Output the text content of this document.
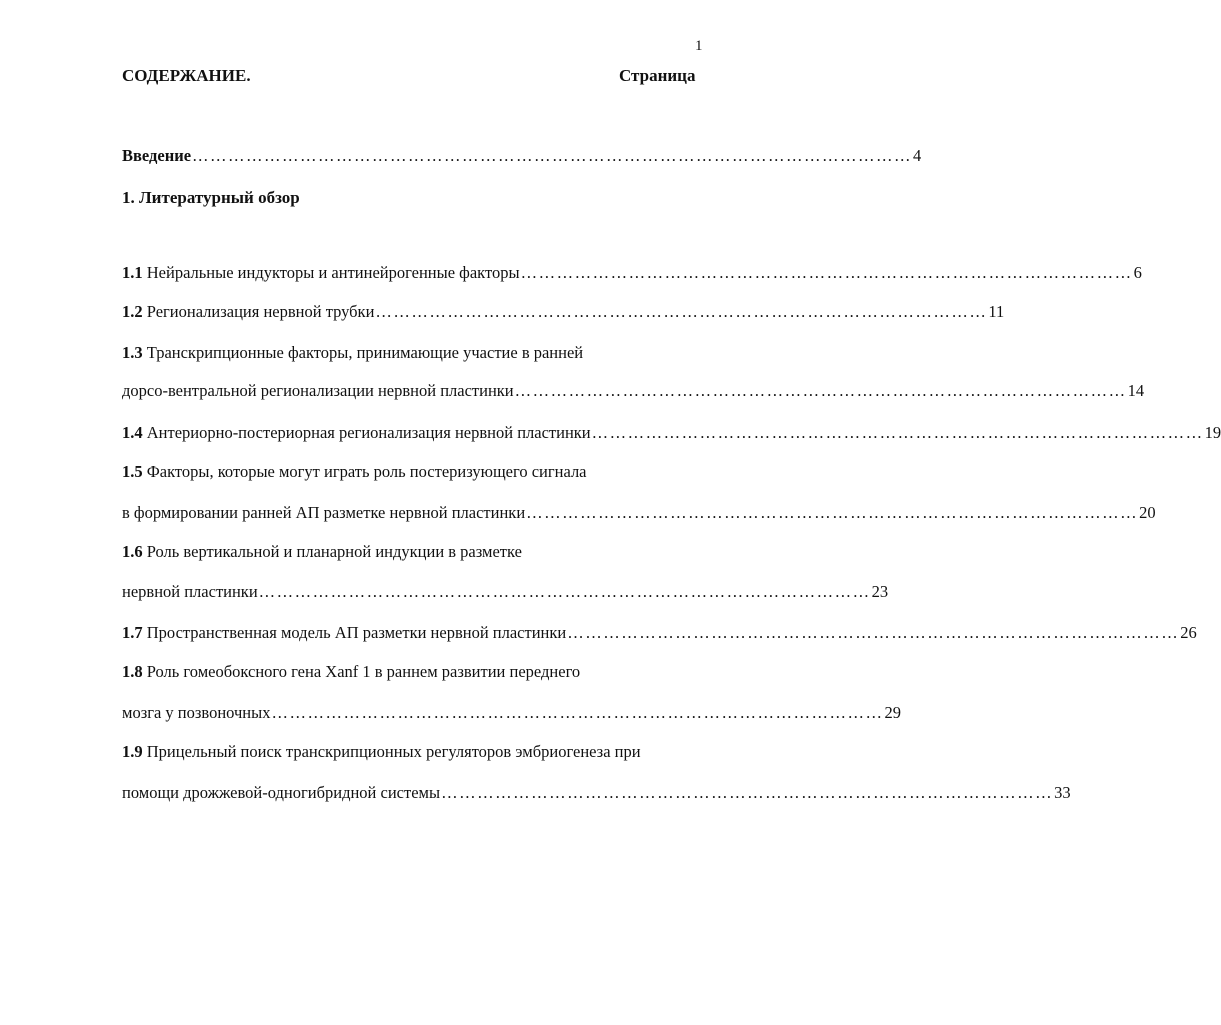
1
СОДЕРЖАНИЕ.	Страница
Введение ………………………………………………………………………………………………………… 4
1. Литературный обзор
1.1 Нейральные индукторы и антинейрогенные факторы ………………………………………………………………………………………… 6
1.2 Регионализация нервной трубки ………………………………………………………………………………………… 11
1.3 Транскрипционные факторы, принимающие участие в ранней
дорсо-вентральной регионализации нервной пластинки ………………………………………………………………………………………… 14
1.4 Антериорно-постериорная регионализация нервной пластинки ………………………………………………………………………………………… 19
1.5 Факторы, которые могут играть роль постеризующего сигнала
в формировании ранней АП разметке нервной пластинки ………………………………………………………………………………………… 20
1.6 Роль вертикальной и планарной индукции в разметке
нервной пластинки ………………………………………………………………………………………… 23
1.7 Пространственная модель АП разметки нервной пластинки ………………………………………………………………………………………… 26
1.8 Роль гомеобоксного гена Xanf 1 в раннем развитии переднего
мозга у позвоночных ………………………………………………………………………………………… 29
1.9 Прицельный поиск транскрипционных регуляторов эмбриогенеза при
помощи дрожжевой-одногибридной системы ………………………………………………………………………………………… 33
